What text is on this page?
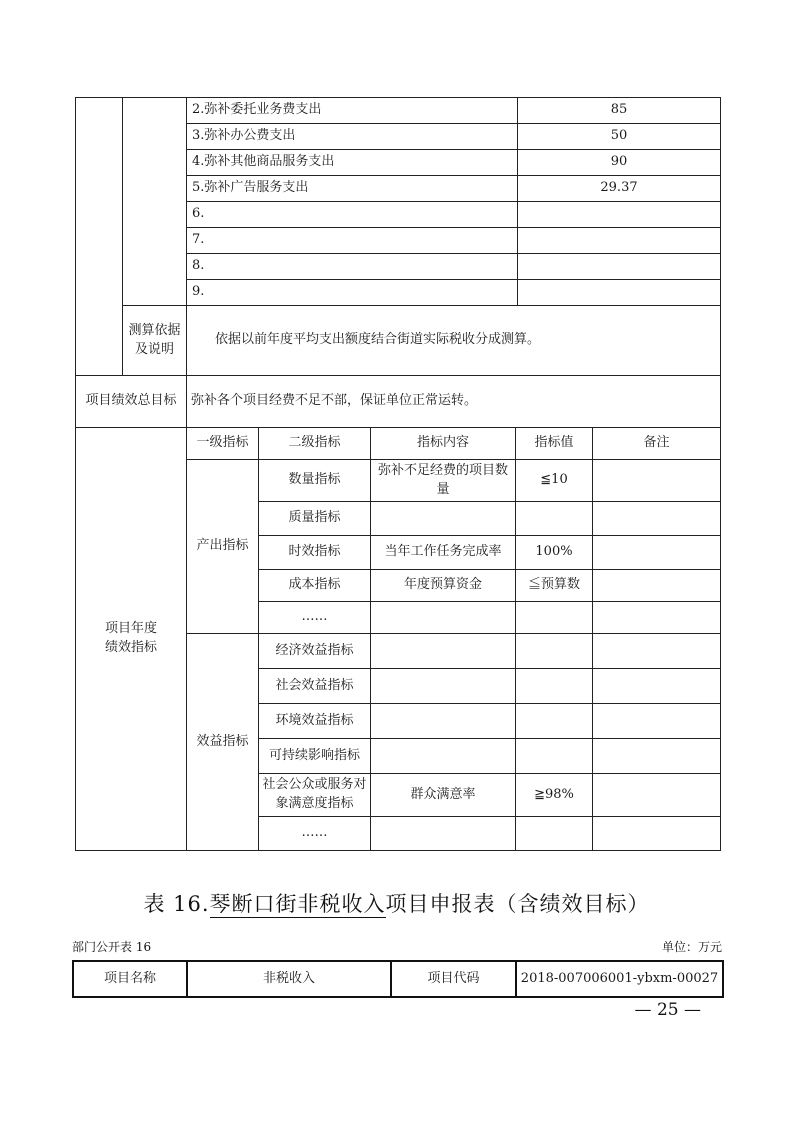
		2.弥补委托业务费支出	85
		3.弥补办公费支出	50
		4.弥补其他商品服务支出	90
		5.弥补广告服务支出	29.37
		6.	
		7.	
		8.	
		9.	

	测算依据及说明	依据以前年度平均支出额度结合街道实际税收分成测算。	
项目绩效总目标	弥补各个项目经费不足不部，保证单位正常运转。
项目年度绩效指标	一级指标	二级指标	指标内容	指标值	备注
	产出指标	数量指标	弥补不足经费的项目数量	≦10	
		质量指标			
		时效指标	当年工作任务完成率	100%	
		成本指标	年度预算资金	≦预算数	
		……			
	效益指标	经济效益指标			
		社会效益指标			
		环境效益指标			
		可持续影响指标			
		社会公众或服务对象满意度指标	群众满意率	≧98%	
		……			
表 16.琴断口街非税收入项目申报表（含绩效目标）
部门公开表 16	单位：万元
项目名称	非税收入	项目代码	2018-007006001-ybxm-00027
— 25 —
